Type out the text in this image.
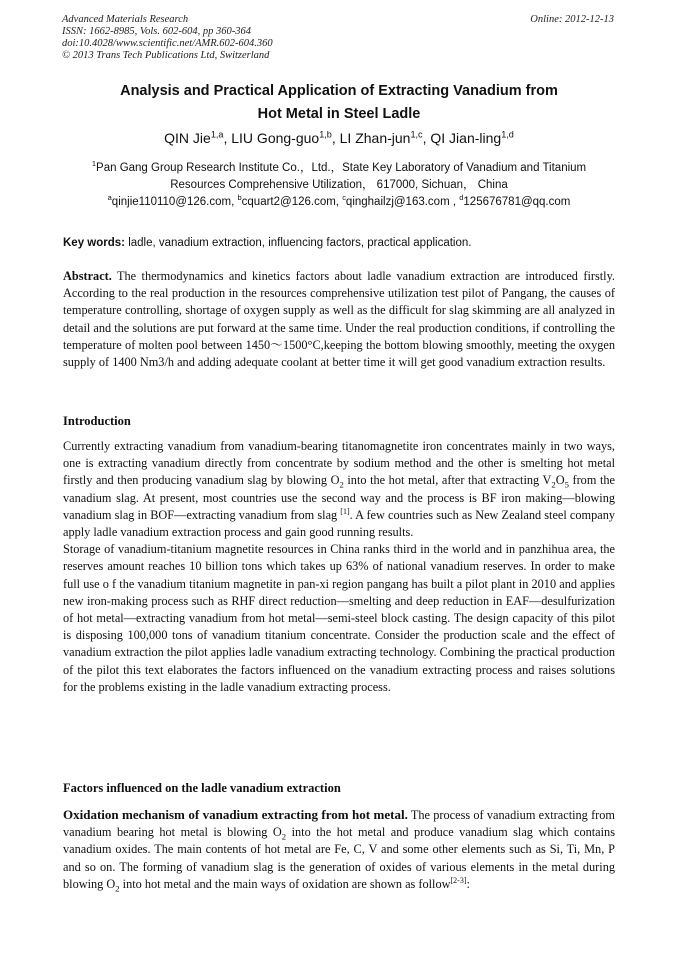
Advanced Materials Research
ISSN: 1662-8985, Vols. 602-604, pp 360-364
doi:10.4028/www.scientific.net/AMR.602-604.360
© 2013 Trans Tech Publications Ltd, Switzerland
Online: 2012-12-13
Analysis and Practical Application of Extracting Vanadium from
Hot Metal in Steel Ladle
QIN Jie$^{1,a}$, LIU Gong-guo$^{1,b}$, LI Zhan-jun$^{1,c}$, QI Jian-ling$^{1,d}$
$^1$Pan Gang Group Research Institute Co.，Ltd.，State Key Laboratory of Vanadium and Titanium
Resources Comprehensive Utilization， 617000, Sichuan， China
$^a$qinjie110110@126.com, $^b$cquart2@126.com, $^c$qinghailzj@163.com , $^d$125676781@qq.com
Key words: ladle, vanadium extraction, influencing factors, practical application.

Abstract. The thermodynamics and kinetics factors about ladle vanadium extraction are introduced firstly. According to the real production in the resources comprehensive utilization test pilot of Pangang, the causes of temperature controlling, shortage of oxygen supply as well as the difficult for slag skimming are all analyzed in detail and the solutions are put forward at the same time. Under the real production conditions, if controlling the temperature of molten pool between 1450～1500°C,keeping the bottom blowing smoothly, meeting the oxygen supply of 1400 Nm3/h and adding adequate coolant at better time it will get good vanadium extraction results.

Introduction

Currently extracting vanadium from vanadium-bearing titanomagnetite iron concentrates mainly in two ways, one is extracting vanadium directly from concentrate by sodium method and the other is smelting hot metal firstly and then producing vanadium slag by blowing $O_2$ into the hot metal, after that extracting $V_2O_5$ from the vanadium slag. At present, most countries use the second way and the process is BF iron making—blowing vanadium slag in BOF—extracting vanadium from slag [1]. A few countries such as New Zealand steel company apply ladle vanadium extraction process and gain good running results.

Storage of vanadium-titanium magnetite resources in China ranks third in the world and in panzhihua area, the reserves amount reaches 10 billion tons which takes up 63% of national vanadium reserves. In order to make full use o f the vanadium titanium magnetite in pan-xi region pangang has built a pilot plant in 2010 and applies new iron-making process such as RHF direct reduction—smelting and deep reduction in EAF—desulfurization of hot metal—extracting vanadium from hot metal—semi-steel block casting. The design capacity of this pilot is disposing 100,000 tons of vanadium titanium concentrate. Consider the production scale and the effect of vanadium extraction the pilot applies ladle vanadium extracting technology. Combining the practical production of the pilot this text elaborates the factors influenced on the vanadium extracting process and raises solutions for the problems existing in the ladle vanadium extracting process.

Factors influenced on the ladle vanadium extraction

Oxidation mechanism of vanadium extracting from hot metal. The process of vanadium extracting from vanadium bearing hot metal is blowing $O_2$ into the hot metal and produce vanadium slag which contains vanadium oxides. The main contents of hot metal are Fe, C, V and some other elements such as Si, Ti, Mn, P and so on. The forming of vanadium slag is the generation of oxides of various elements in the metal during blowing $O_2$ into hot metal and the main ways of oxidation are shown as follow[2-3]:
